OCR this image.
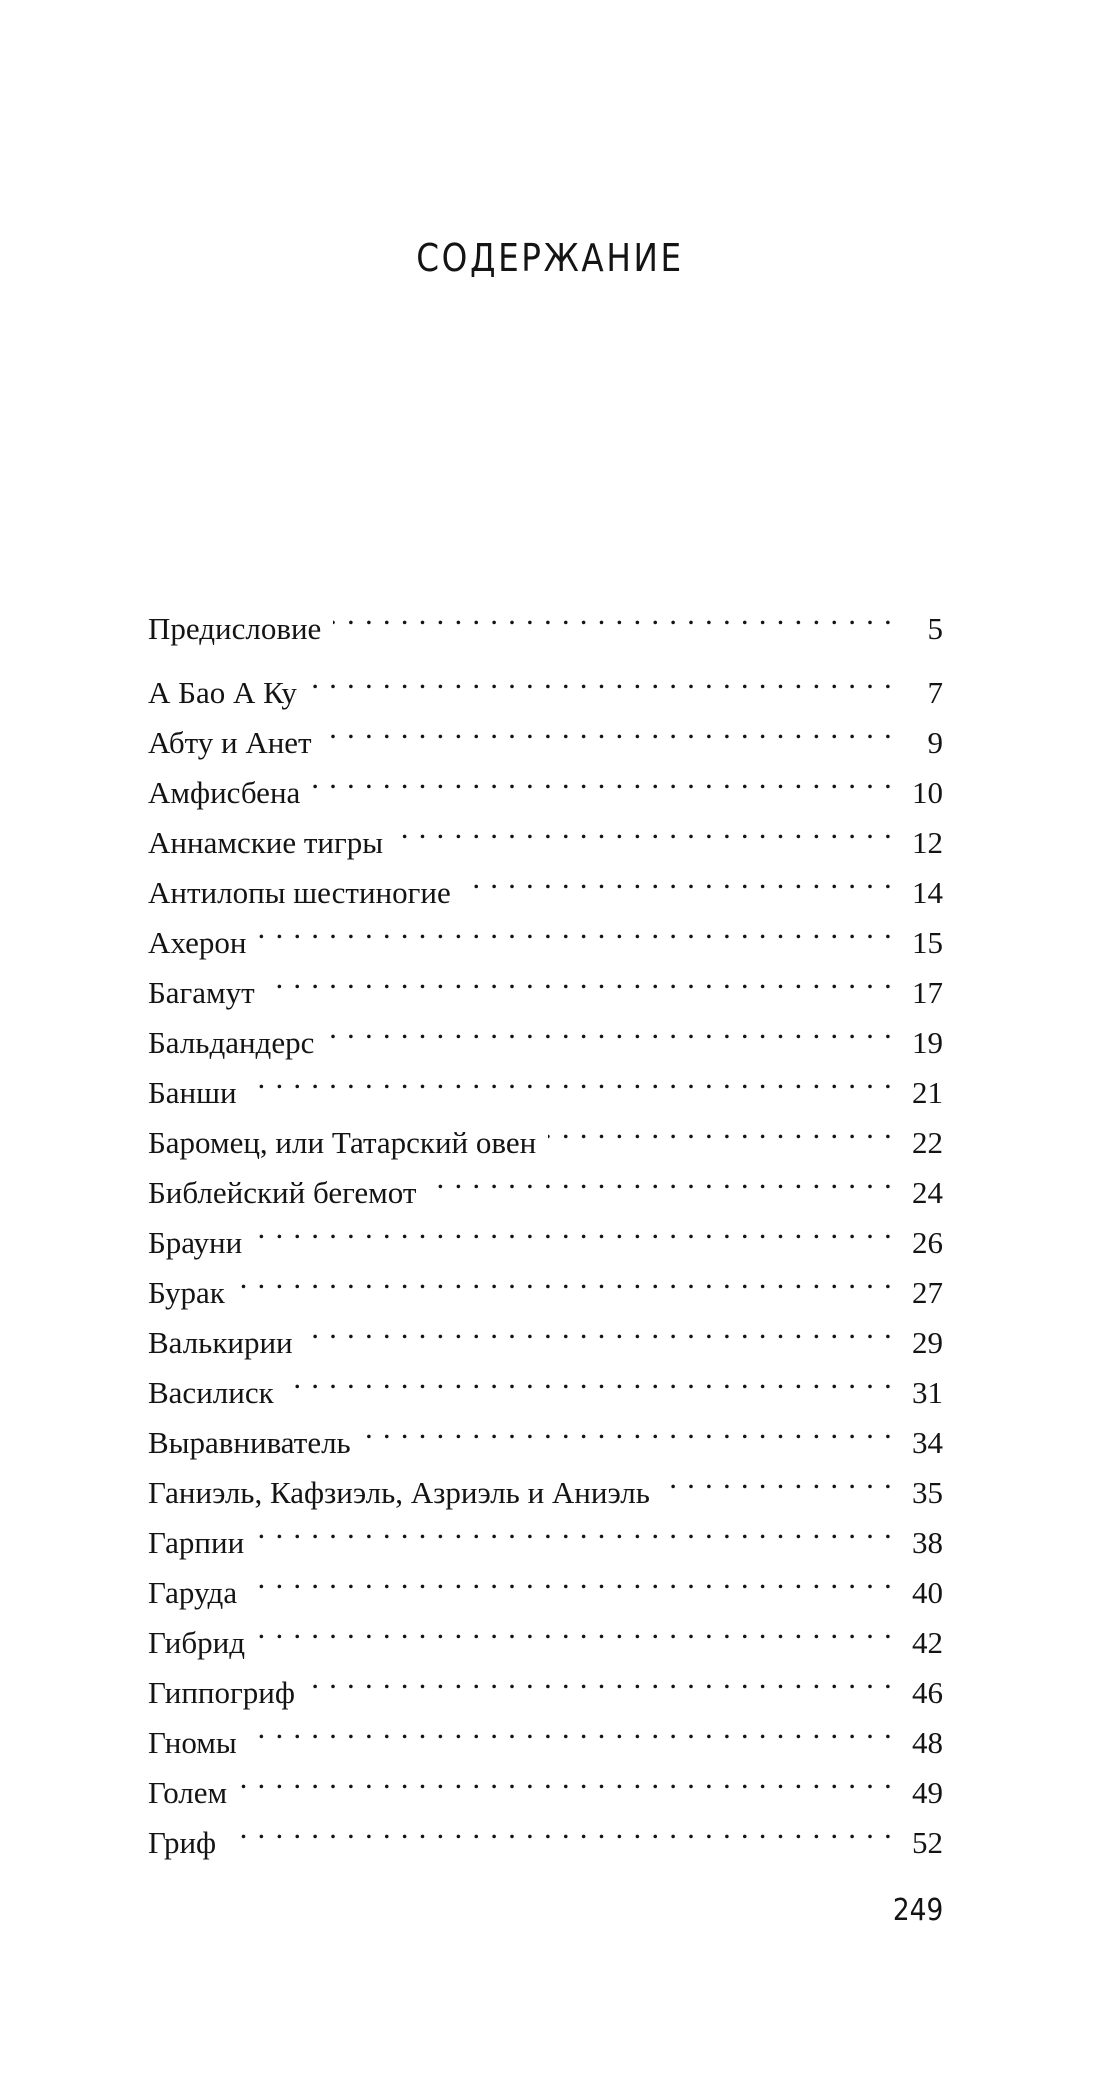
СОДЕРЖАНИЕ
Предисловие . . .	5
А Бао А Ку . . .	7
Абту и Анет . . .	9
Амфисбена . . .	10
Аннамские тигры . . .	12
Антилопы шестиногие . . .	14
Ахерон . . .	15
Багамут . . .	17
Бальдандерс . . .	19
Банши . . .	21
Баромец, или Татарский овен . . .	22
Библейский бегемот . . .	24
Брауни . . .	26
Бурак . . .	27
Валькирии . . .	29
Василиск . . .	31
Выравниватель . . .	34
Ганиэль, Кафзиэль, Азриэль и Аниэль . . .	35
Гарпии . . .	38
Гаруда . . .	40
Гибрид . . .	42
Гиппогриф . . .	46
Гномы . . .	48
Голем . . .	49
Гриф . . .	52
249
